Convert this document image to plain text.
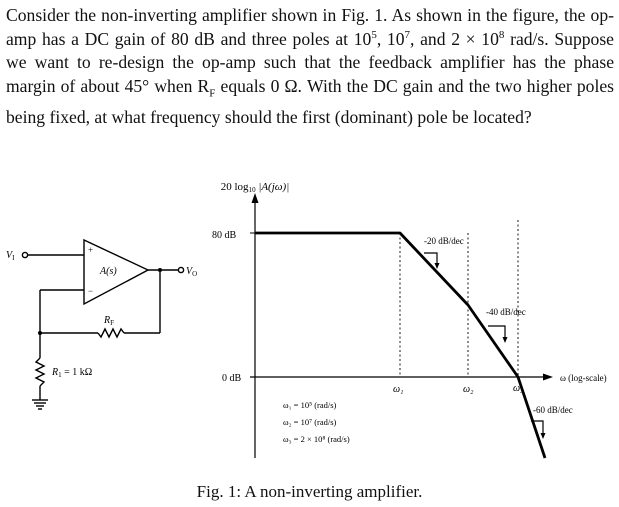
Consider the non-inverting amplifier shown in Fig. 1. As shown in the figure, the op-amp has a DC gain of 80 dB and three poles at $10^5$, $10^7$, and $2 \times 10^8$ rad/s. Suppose we want to re-design the op-amp such that the feedback amplifier has the phase margin of about 45° when $R_F$ equals 0 Ω. With the DC gain and the two higher poles being fixed, at what frequency should the first (dominant) pole be located?
$V_I$
$V_O$
A(s)
+
−
$R_F$
$R_1 = 1$ kΩ
20 log10 |A(jω)|
80 dB
0 dB	ω (log-scale)
ω₁	ω₂	ω₃
-20 dB/dec
-40 dB/dec
-60 dB/dec
ω₁ = 10⁵ (rad/s)
ω₂ = 10⁷ (rad/s)
ω₃ = 2 × 10⁸ (rad/s)
Fig. 1: A non-inverting amplifier.
